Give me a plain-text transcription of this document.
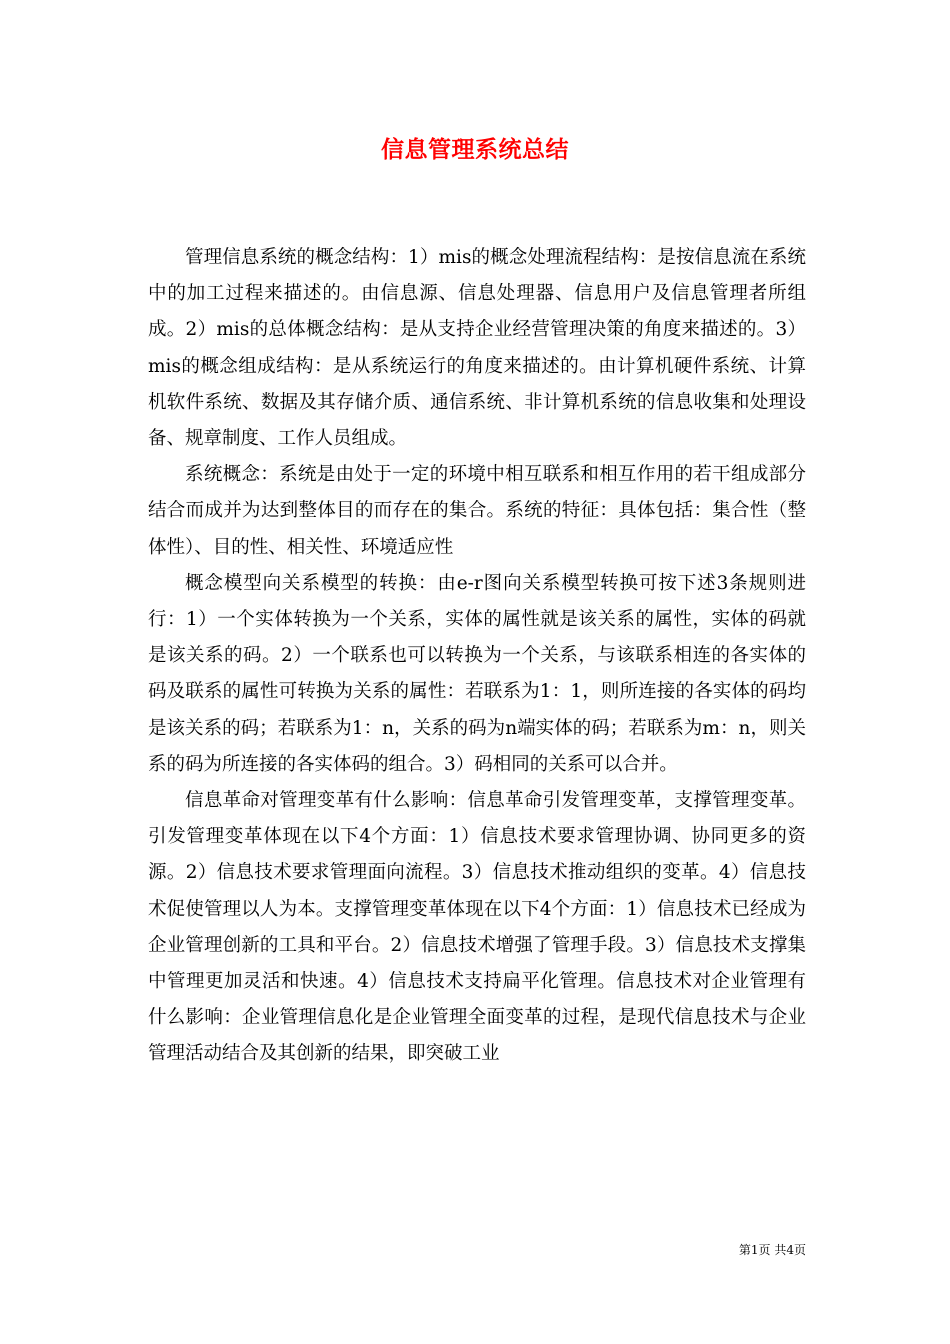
信息管理系统总结

管理信息系统的概念结构：1）mis的概念处理流程结构：是按信息流在系统中的加工过程来描述的。由信息源、信息处理器、信息用户及信息管理者所组成。2）mis的总体概念结构：是从支持企业经营管理决策的角度来描述的。3）mis的概念组成结构：是从系统运行的角度来描述的。由计算机硬件系统、计算机软件系统、数据及其存储介质、通信系统、非计算机系统的信息收集和处理设备、规章制度、工作人员组成。

系统概念：系统是由处于一定的环境中相互联系和相互作用的若干组成部分结合而成并为达到整体目的而存在的集合。系统的特征：具体包括：集合性（整体性）、目的性、相关性、环境适应性

概念模型向关系模型的转换：由e-r图向关系模型转换可按下述3条规则进行：1）一个实体转换为一个关系，实体的属性就是该关系的属性，实体的码就是该关系的码。2）一个联系也可以转换为一个关系，与该联系相连的各实体的码及联系的属性可转换为关系的属性：若联系为1：1，则所连接的各实体的码均是该关系的码；若联系为1：n，关系的码为n端实体的码；若联系为m：n，则关系的码为所连接的各实体码的组合。3）码相同的关系可以合并。

信息革命对管理变革有什么影响：信息革命引发管理变革，支撑管理变革。引发管理变革体现在以下4个方面：1）信息技术要求管理协调、协同更多的资源。2）信息技术要求管理面向流程。3）信息技术推动组织的变革。4）信息技术促使管理以人为本。支撑管理变革体现在以下4个方面：1）信息技术已经成为企业管理创新的工具和平台。2）信息技术增强了管理手段。3）信息技术支撑集中管理更加灵活和快速。4）信息技术支持扁平化管理。信息技术对企业管理有什么影响：企业管理信息化是企业管理全面变革的过程，是现代信息技术与企业管理活动结合及其创新的结果，即突破工业

第1页 共4页
